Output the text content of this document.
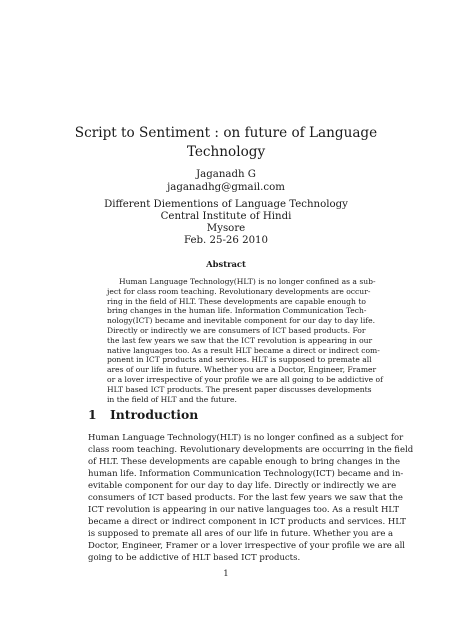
Script to Sentiment : on future of Language
Technology
Jaganadh G
jaganadhg@gmail.com
Different Diementions of Language Technology
Central Institute of Hindi
Mysore
Feb. 25-26 2010
Abstract
Human Language Technology(HLT) is no longer confined as a sub-
ject for class room teaching. Revolutionary developments are occur-
ring in the field of HLT. These developments are capable enough to
bring changes in the human life. Information Communication Tech-
nology(ICT) became and inevitable component for our day to day life.
Directly or indirectly we are consumers of ICT based products. For
the last few years we saw that the ICT revolution is appearing in our
native languages too. As a result HLT became a direct or indirect com-
ponent in ICT products and services. HLT is supposed to premate all
ares of our life in future. Whether you are a Doctor, Engineer, Framer
or a lover irrespective of your profile we are all going to be addictive of
HLT based ICT products. The present paper discusses developments
in the field of HLT and the future.
1 Introduction
Human Language Technology(HLT) is no longer confined as a subject for
class room teaching. Revolutionary developments are occurring in the field
of HLT. These developments are capable enough to bring changes in the
human life. Information Communication Technology(ICT) became and in-
evitable component for our day to day life. Directly or indirectly we are
consumers of ICT based products. For the last few years we saw that the
ICT revolution is appearing in our native languages too. As a result HLT
became a direct or indirect component in ICT products and services. HLT
is supposed to premate all ares of our life in future. Whether you are a
Doctor, Engineer, Framer or a lover irrespective of your profile we are all
going to be addictive of HLT based ICT products.
1
